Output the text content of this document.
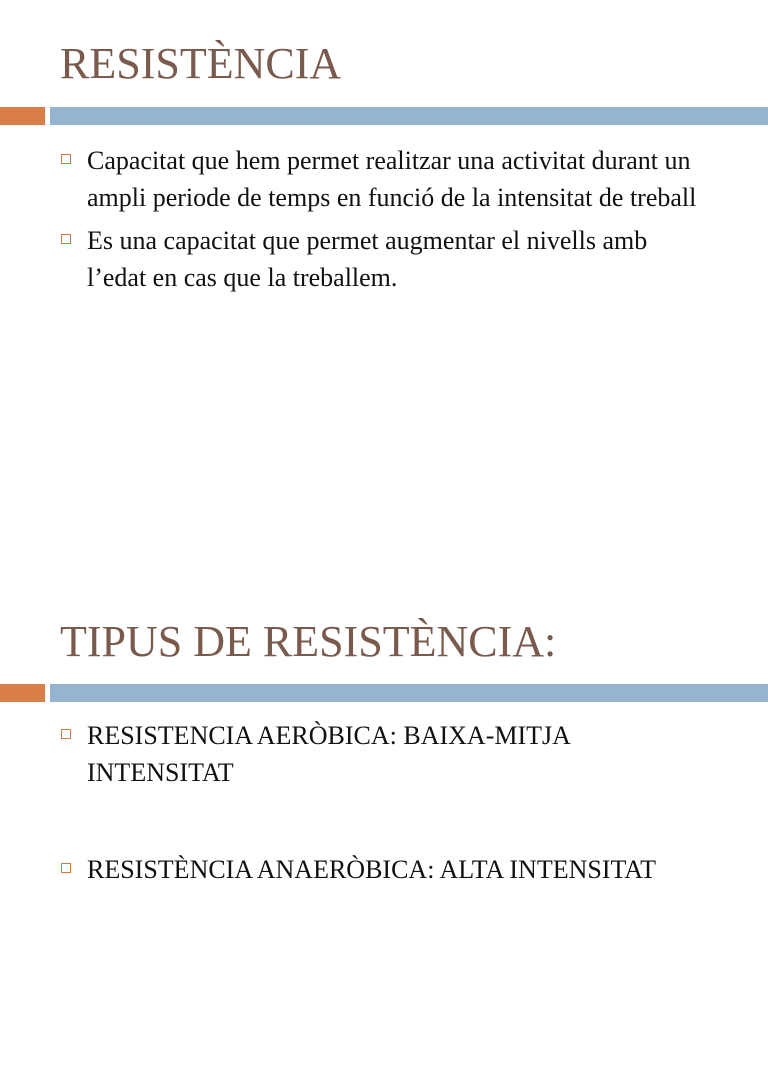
RESISTÈNCIA
Capacitat que hem permet realitzar una activitat durant un ampli periode de temps en funció de la intensitat de treball
Es una capacitat que permet augmentar el nivells amb l’edat en cas que la treballem.
TIPUS DE RESISTÈNCIA:
RESISTENCIA AERÒBICA: BAIXA-MITJA INTENSITAT
RESISTÈNCIA ANAERÒBICA: ALTA INTENSITAT
